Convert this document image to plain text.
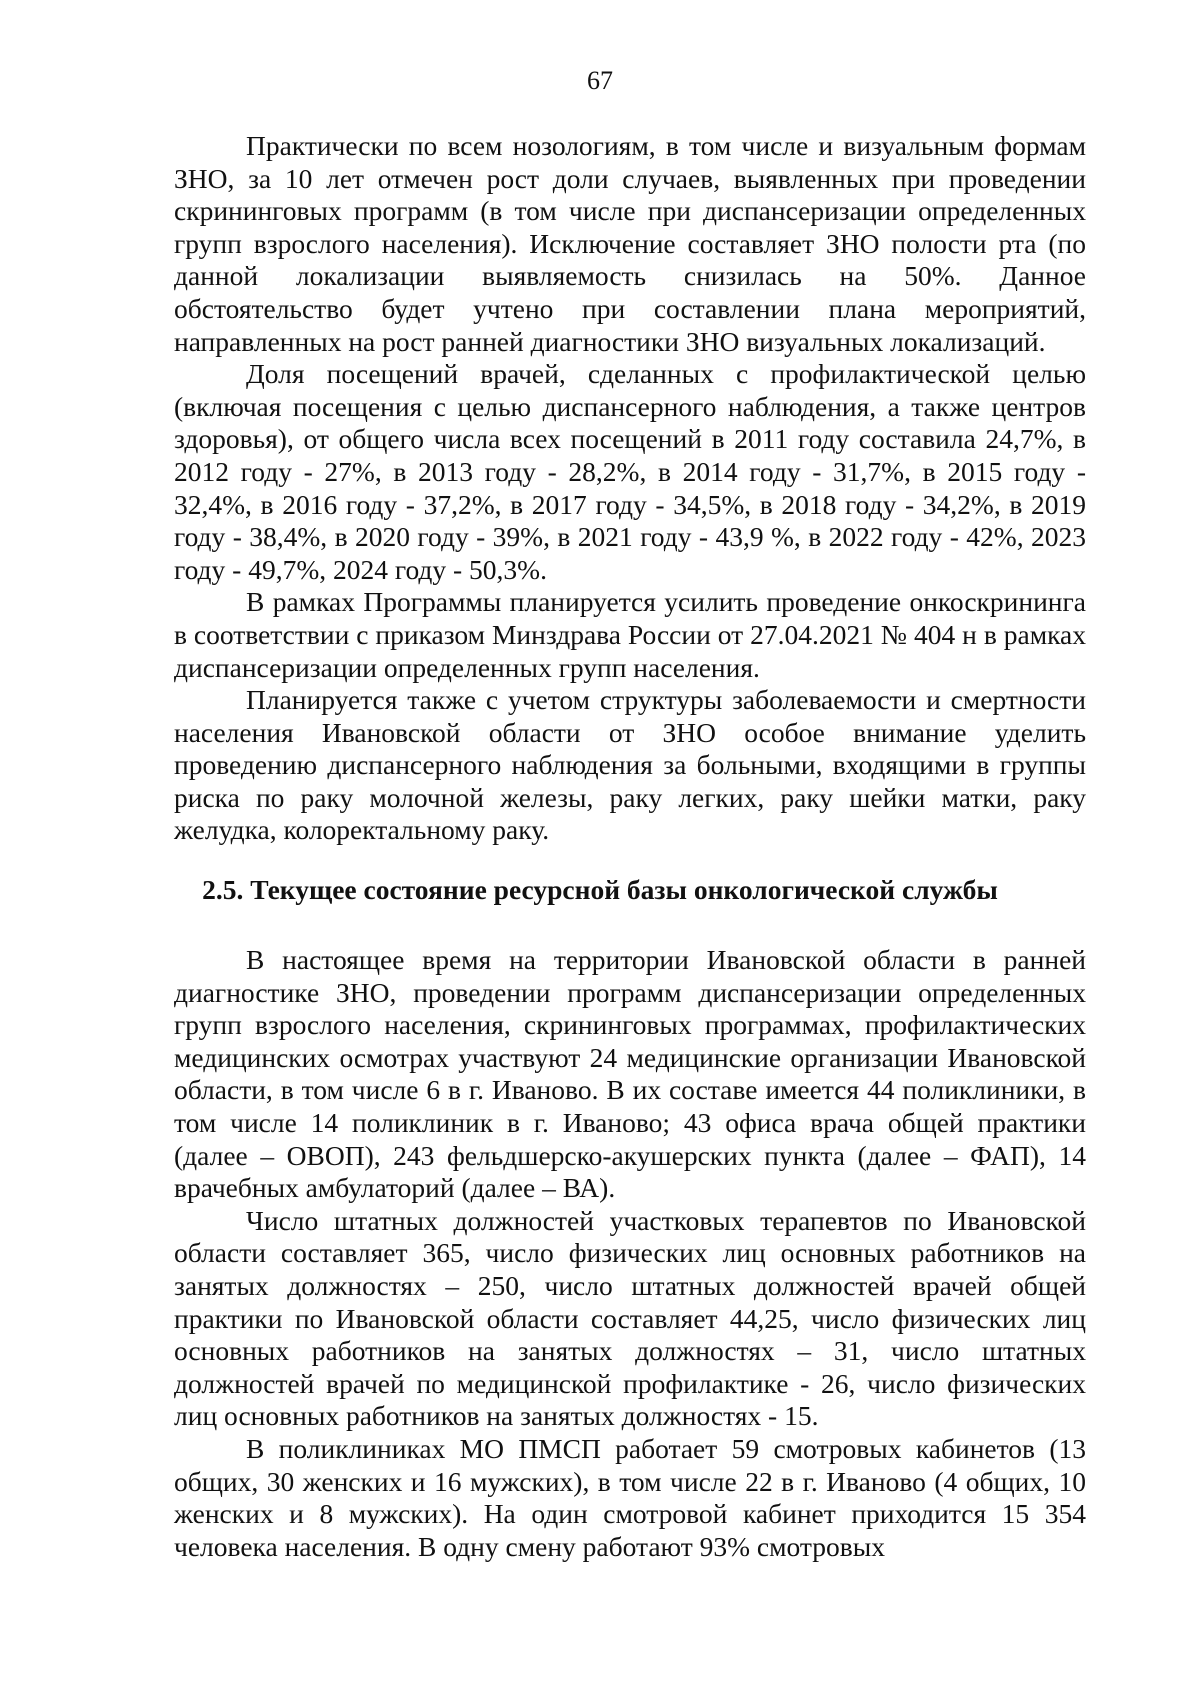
67

Практически по всем нозологиям, в том числе и визуальным формам ЗНО, за 10 лет отмечен рост доли случаев, выявленных при проведении скрининговых программ (в том числе при диспансеризации определенных групп взрослого населения). Исключение составляет ЗНО полости рта (по данной локализации выявляемость снизилась на 50%. Данное обстоятельство будет учтено при составлении плана мероприятий, направленных на рост ранней диагностики ЗНО визуальных локализаций.

Доля посещений врачей, сделанных с профилактической целью (включая посещения с целью диспансерного наблюдения, а также центров здоровья), от общего числа всех посещений в 2011 году составила 24,7%, в 2012 году - 27%, в 2013 году - 28,2%, в 2014 году - 31,7%, в 2015 году - 32,4%, в 2016 году - 37,2%, в 2017 году - 34,5%, в 2018 году - 34,2%, в 2019 году - 38,4%, в 2020 году - 39%, в 2021 году - 43,9 %, в 2022 году - 42%, 2023 году - 49,7%, 2024 году - 50,3%.

В рамках Программы планируется усилить проведение онкоскрининга в соответствии с приказом Минздрава России от 27.04.2021 № 404 н в рамках диспансеризации определенных групп населения.

Планируется также с учетом структуры заболеваемости и смертности населения Ивановской области от ЗНО особое внимание уделить проведению диспансерного наблюдения за больными, входящими в группы риска по раку молочной железы, раку легких, раку шейки матки, раку желудка, колоректальному раку.

2.5. Текущее состояние ресурсной базы онкологической службы

В настоящее время на территории Ивановской области в ранней диагностике ЗНО, проведении программ диспансеризации определенных групп взрослого населения, скрининговых программах, профилактических медицинских осмотрах участвуют 24 медицинские организации Ивановской области, в том числе 6 в г. Иваново. В их составе имеется 44 поликлиники, в том числе 14 поликлиник в г. Иваново; 43 офиса врача общей практики (далее – ОВОП), 243 фельдшерско-акушерских пункта (далее – ФАП), 14 врачебных амбулаторий (далее – ВА).

Число штатных должностей участковых терапевтов по Ивановской области составляет 365, число физических лиц основных работников на занятых должностях – 250, число штатных должностей врачей общей практики по Ивановской области составляет 44,25, число физических лиц основных работников на занятых должностях – 31, число штатных должностей врачей по медицинской профилактике - 26, число физических лиц основных работников на занятых должностях - 15.

В поликлиниках МО ПМСП работает 59 смотровых кабинетов (13 общих, 30 женских и 16 мужских), в том числе 22 в г. Иваново (4 общих, 10 женских и 8 мужских). На один смотровой кабинет приходится 15 354 человека населения. В одну смену работают 93% смотровых
